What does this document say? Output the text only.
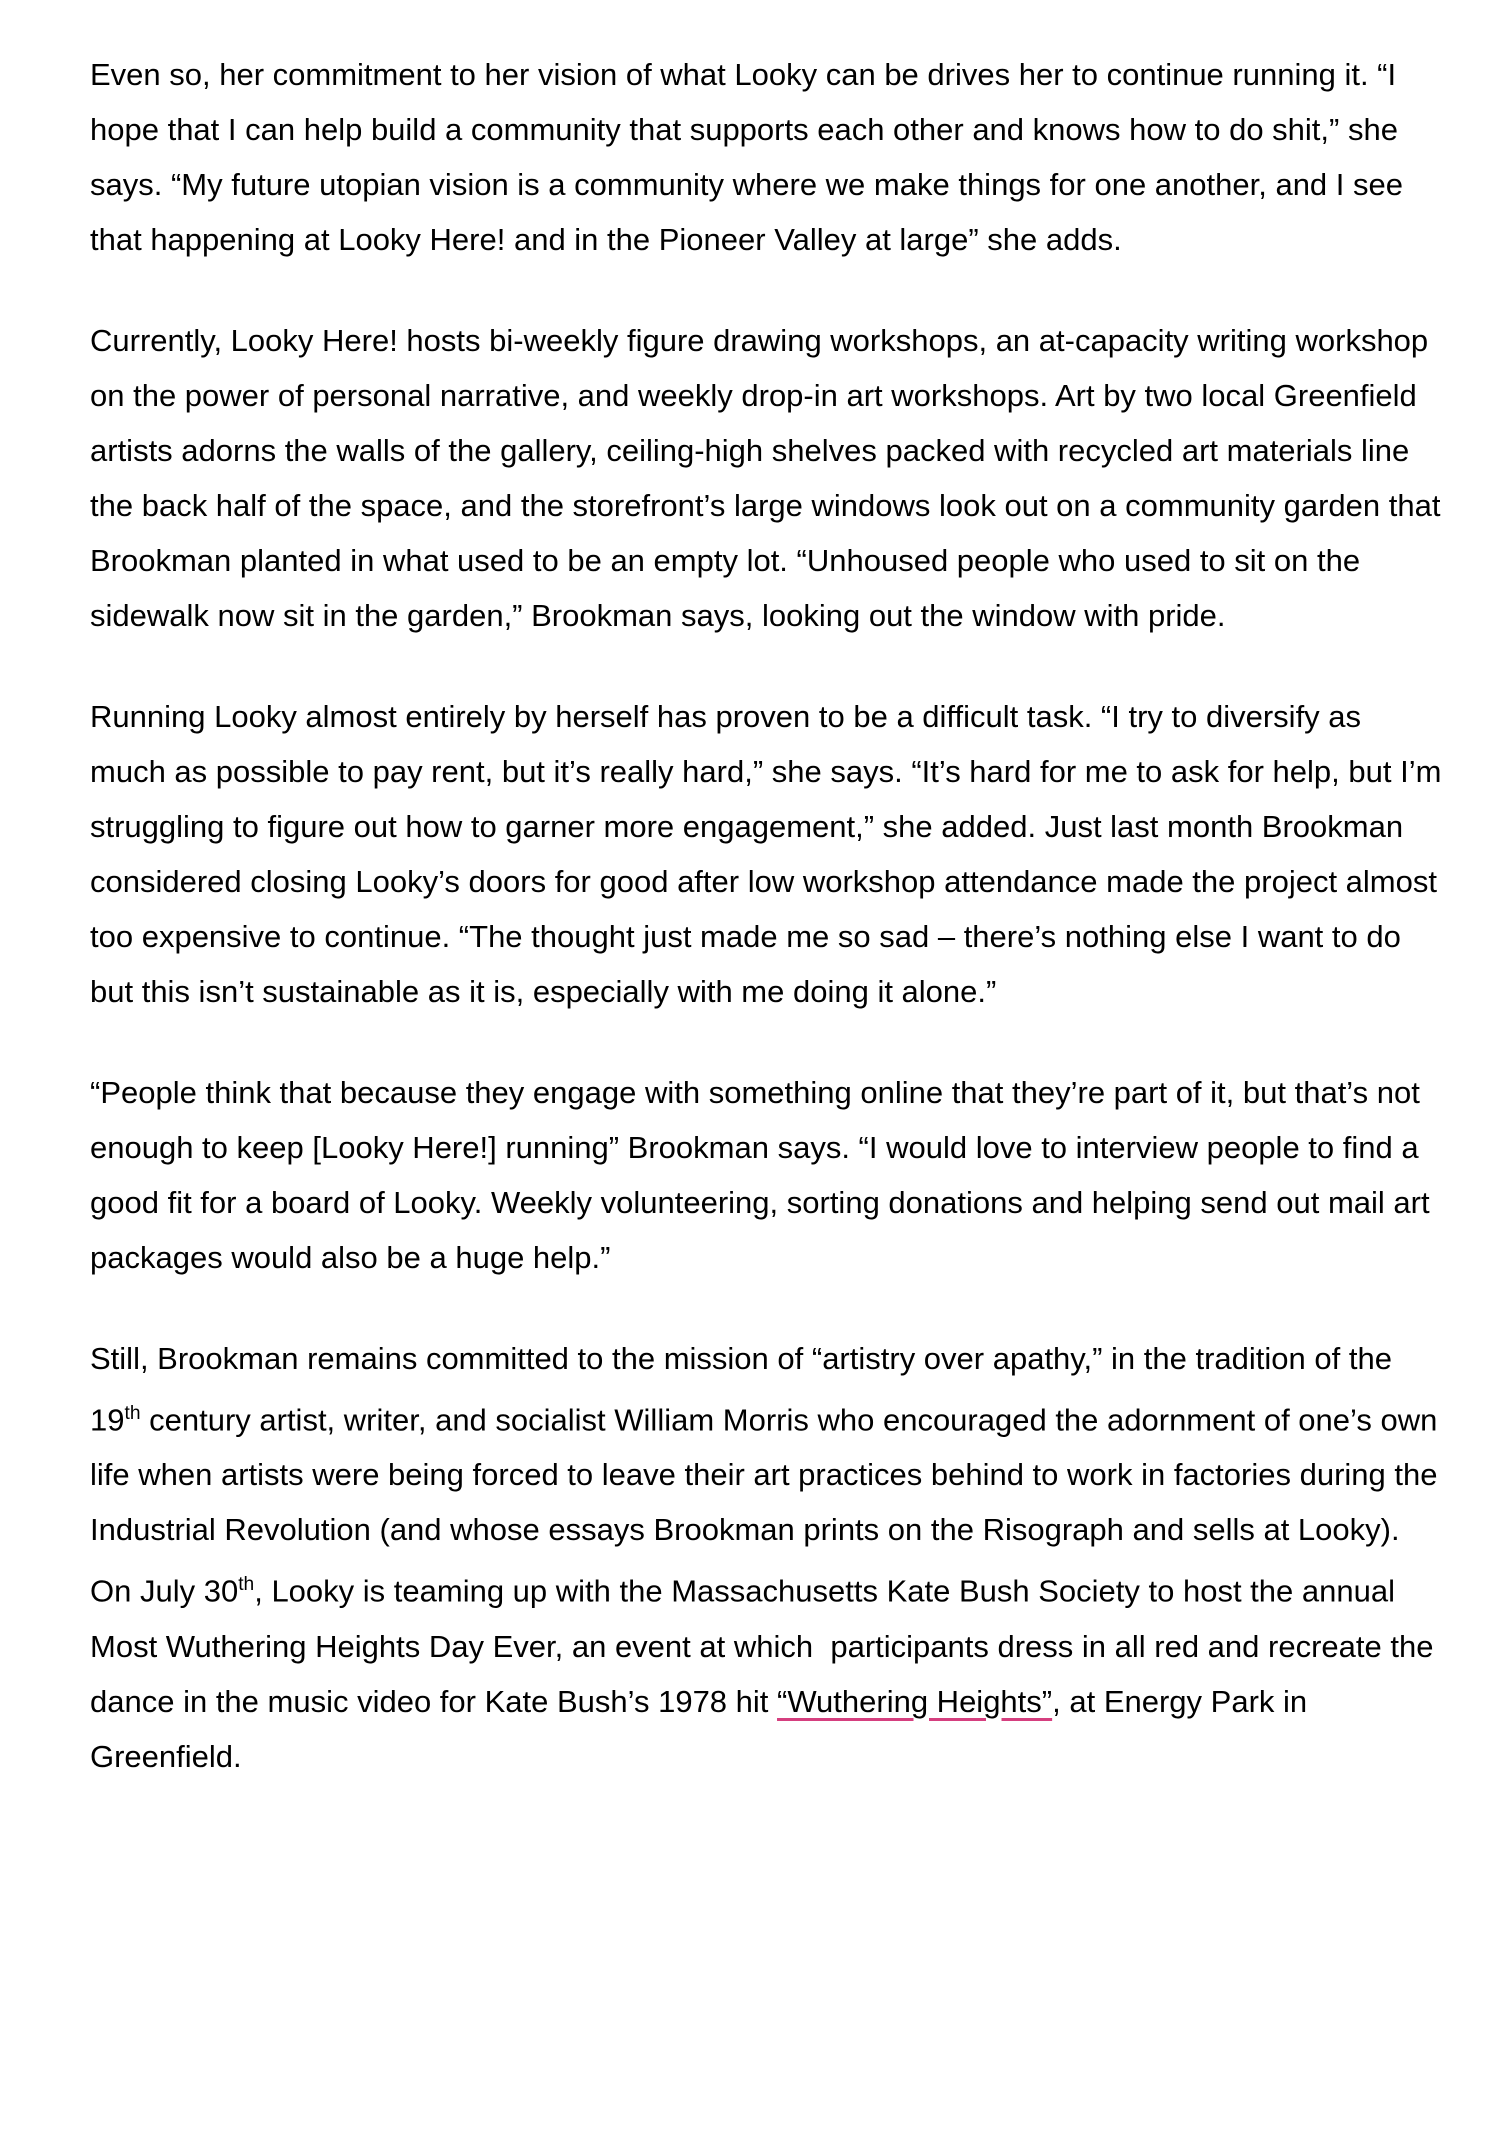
Even so, her commitment to her vision of what Looky can be drives her to continue running it. “I hope that I can help build a community that supports each other and knows how to do shit,” she says. “My future utopian vision is a community where we make things for one another, and I see that happening at Looky Here! and in the Pioneer Valley at large” she adds.

Currently, Looky Here! hosts bi-weekly figure drawing workshops, an at-capacity writing workshop on the power of personal narrative, and weekly drop-in art workshops. Art by two local Greenfield artists adorns the walls of the gallery, ceiling-high shelves packed with recycled art materials line the back half of the space, and the storefront’s large windows look out on a community garden that Brookman planted in what used to be an empty lot. “Unhoused people who used to sit on the sidewalk now sit in the garden,” Brookman says, looking out the window with pride.

Running Looky almost entirely by herself has proven to be a difficult task. “I try to diversify as much as possible to pay rent, but it’s really hard,” she says. “It’s hard for me to ask for help, but I’m struggling to figure out how to garner more engagement,” she added. Just last month Brookman considered closing Looky’s doors for good after low workshop attendance made the project almost too expensive to continue. “The thought just made me so sad – there’s nothing else I want to do but this isn’t sustainable as it is, especially with me doing it alone.”

“People think that because they engage with something online that they’re part of it, but that’s not enough to keep [Looky Here!] running” Brookman says. “I would love to interview people to find a good fit for a board of Looky. Weekly volunteering, sorting donations and helping send out mail art packages would also be a huge help.”

Still, Brookman remains committed to the mission of “artistry over apathy,” in the tradition of the 19th century artist, writer, and socialist William Morris who encouraged the adornment of one’s own life when artists were being forced to leave their art practices behind to work in factories during the Industrial Revolution (and whose essays Brookman prints on the Risograph and sells at Looky). On July 30th, Looky is teaming up with the Massachusetts Kate Bush Society to host the annual Most Wuthering Heights Day Ever, an event at which  participants dress in all red and recreate the dance in the music video for Kate Bush’s 1978 hit “Wuthering Heights”, at Energy Park in Greenfield.
